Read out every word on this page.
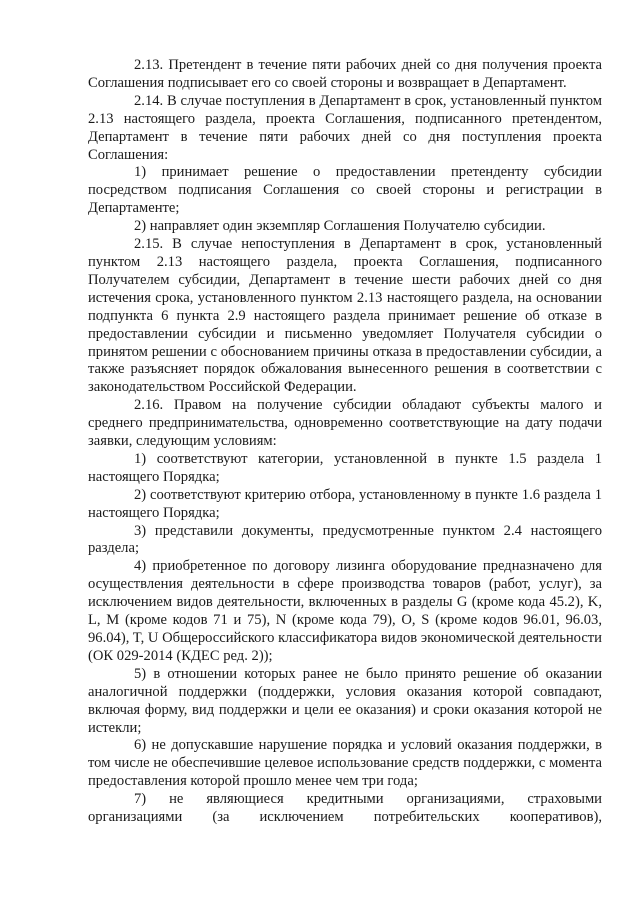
2.13. Претендент в течение пяти рабочих дней со дня получения проекта Соглашения подписывает его со своей стороны и возвращает в Департамент.

2.14. В случае поступления в Департамент в срок, установленный пунктом 2.13 настоящего раздела, проекта Соглашения, подписанного претендентом, Департамент в течение пяти рабочих дней со дня поступления проекта Соглашения:

1) принимает решение о предоставлении претенденту субсидии посредством подписания Соглашения со своей стороны и регистрации в Департаменте;

2) направляет один экземпляр Соглашения Получателю субсидии.

2.15. В случае непоступления в Департамент в срок, установленный пунктом 2.13 настоящего раздела, проекта Соглашения, подписанного Получателем субсидии, Департамент в течение шести рабочих дней со дня истечения срока, установленного пунктом 2.13 настоящего раздела, на основании подпункта 6 пункта 2.9 настоящего раздела принимает решение об отказе в предоставлении субсидии и письменно уведомляет Получателя субсидии о принятом решении с обоснованием причины отказа в предоставлении субсидии, а также разъясняет порядок обжалования вынесенного решения в соответствии с законодательством Российской Федерации.

2.16. Правом на получение субсидии обладают субъекты малого и среднего предпринимательства, одновременно соответствующие на дату подачи заявки, следующим условиям:

1) соответствуют категории, установленной в пункте 1.5 раздела 1 настоящего Порядка;

2) соответствуют критерию отбора, установленному в пункте 1.6 раздела 1 настоящего Порядка;

3) представили документы, предусмотренные пунктом 2.4 настоящего раздела;

4) приобретенное по договору лизинга оборудование предназначено для осуществления деятельности в сфере производства товаров (работ, услуг), за исключением видов деятельности, включенных в разделы G (кроме кода 45.2), K, L, M (кроме кодов 71 и 75), N (кроме кода 79), O, S (кроме кодов 96.01, 96.03, 96.04), T, U Общероссийского классификатора видов экономической деятельности (ОК 029-2014 (КДЕС ред. 2));

5) в отношении которых ранее не было принято решение об оказании аналогичной поддержки (поддержки, условия оказания которой совпадают, включая форму, вид поддержки и цели ее оказания) и сроки оказания которой не истекли;

6) не допускавшие нарушение порядка и условий оказания поддержки, в том числе не обеспечившие целевое использование средств поддержки, с момента предоставления которой прошло менее чем три года;

7) не являющиеся кредитными организациями, страховыми организациями (за исключением потребительских кооперативов),
